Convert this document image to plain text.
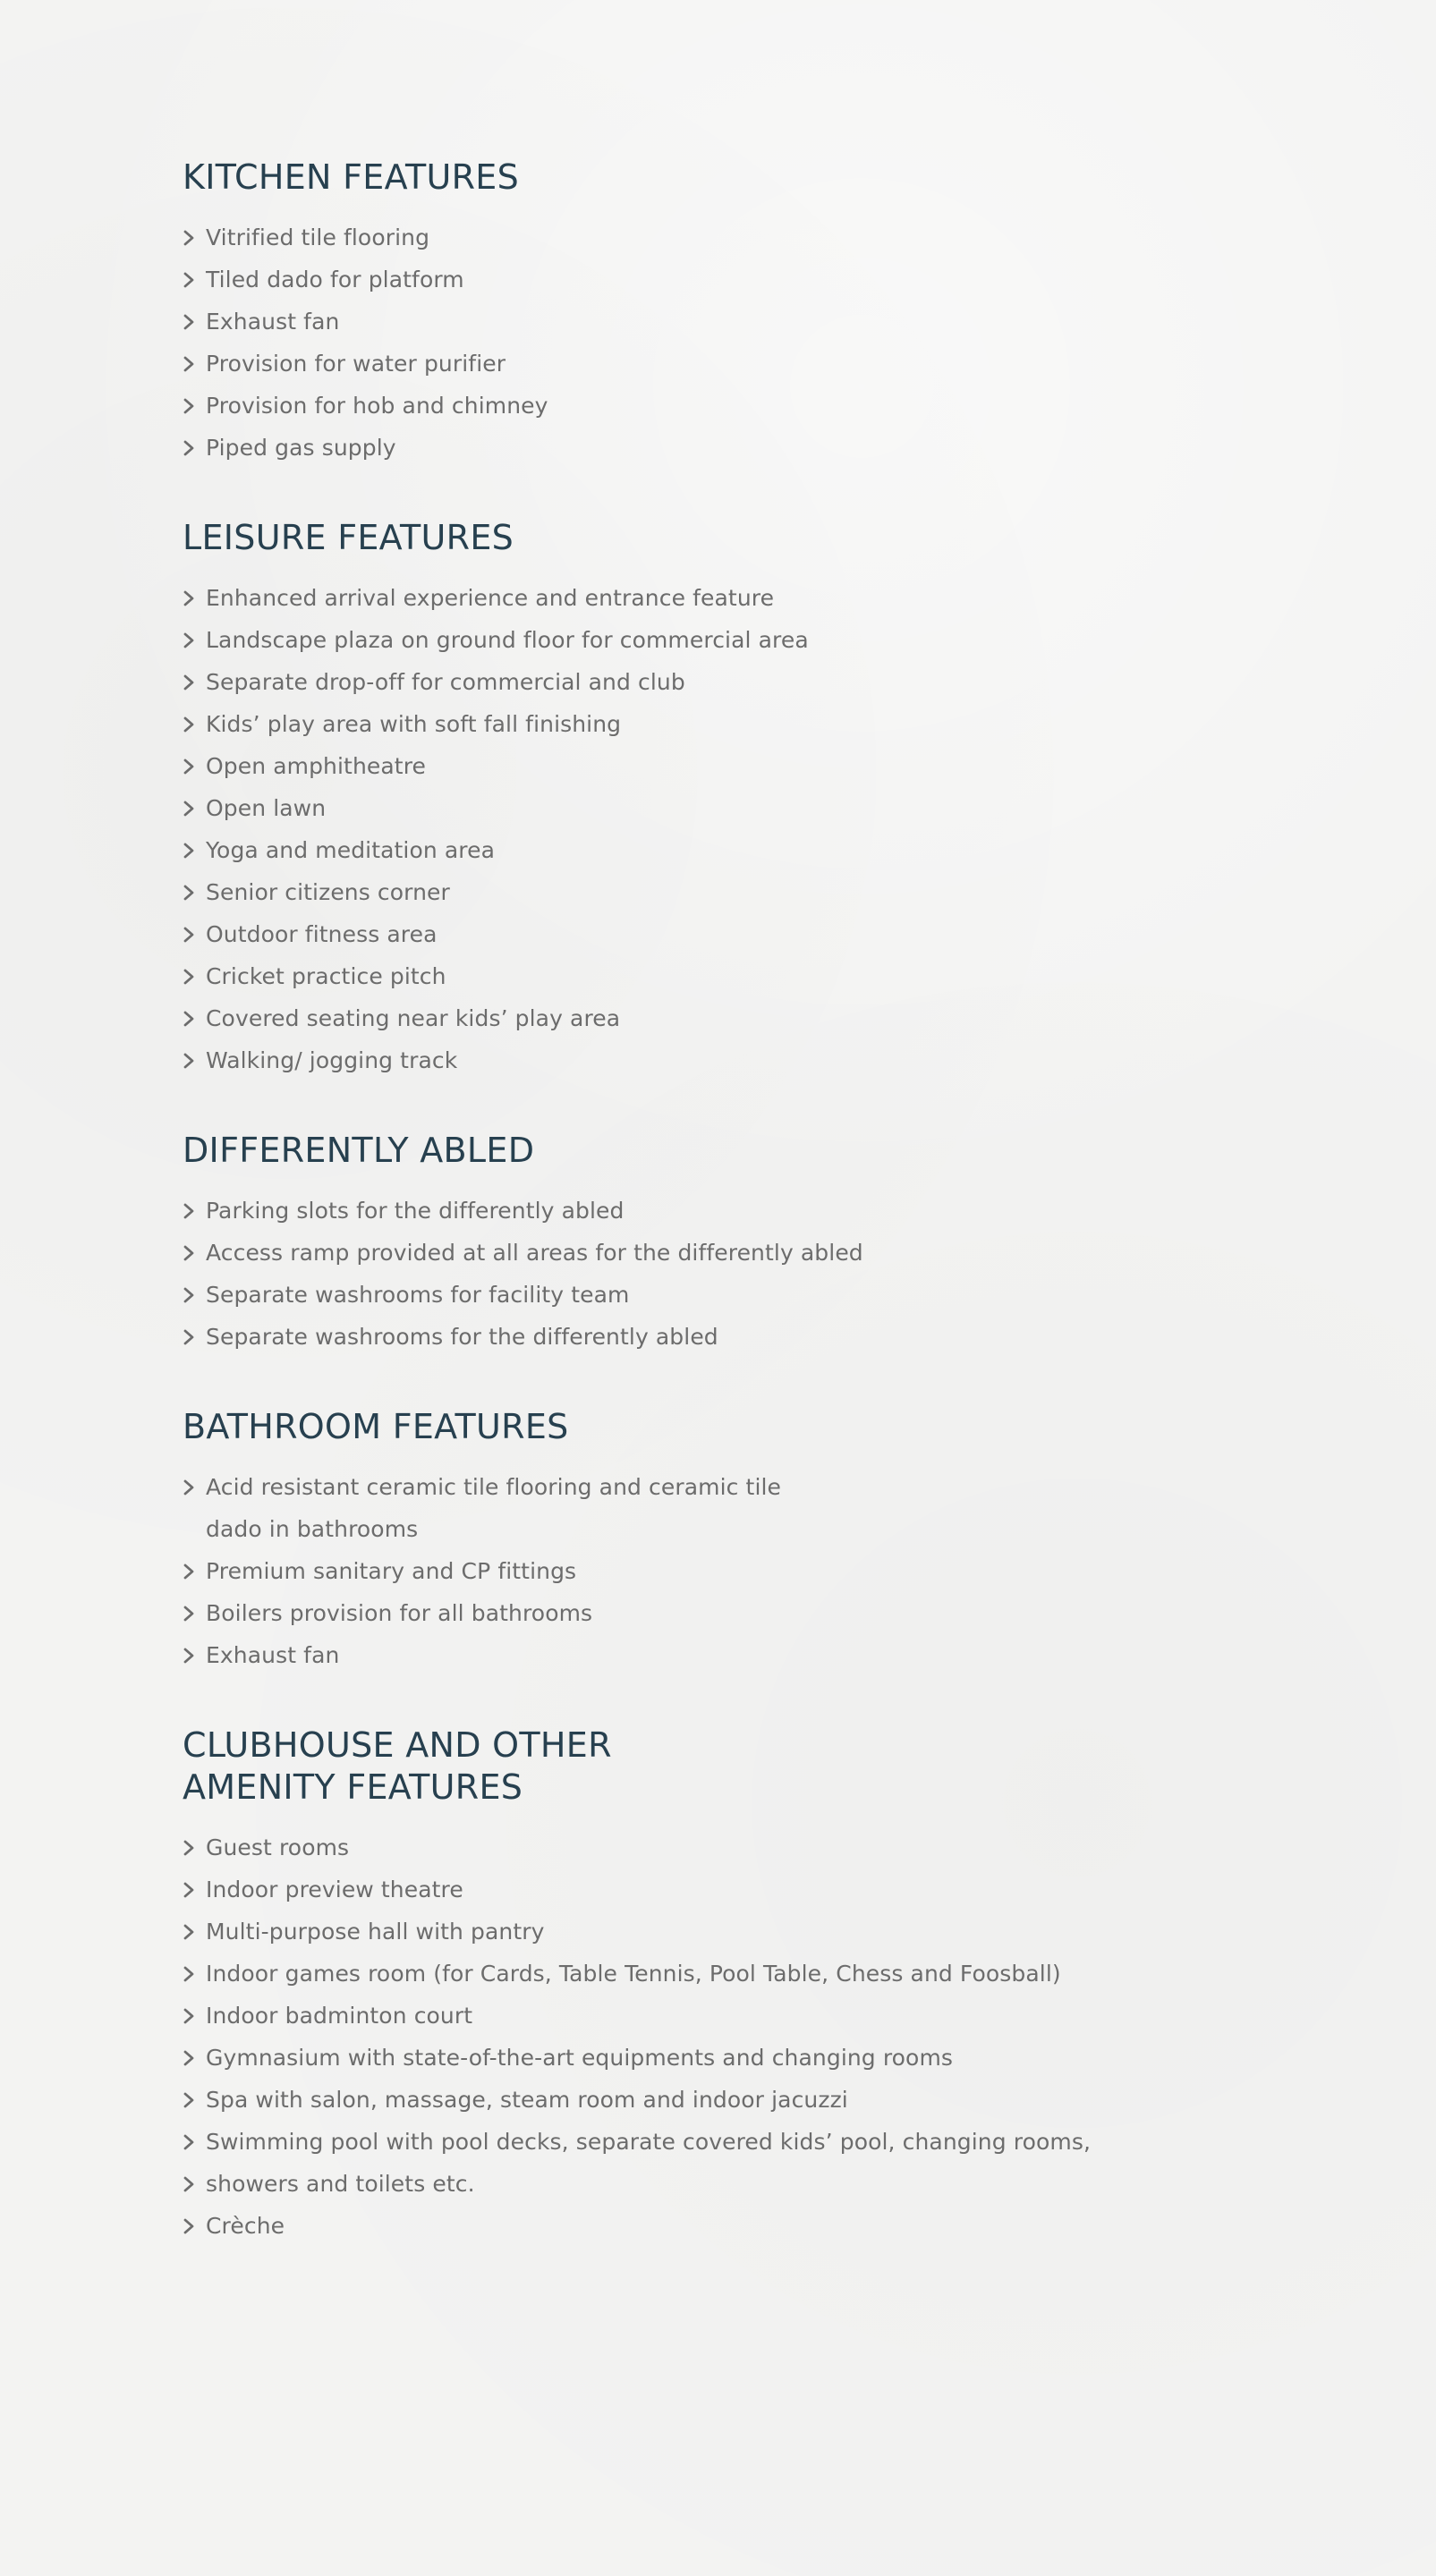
KITCHEN FEATURES
Vitrified tile flooring
Tiled dado for platform
Exhaust fan
Provision for water purifier
Provision for hob and chimney
Piped gas supply
LEISURE FEATURES
Enhanced arrival experience and entrance feature
Landscape plaza on ground floor for commercial area
Separate drop-off for commercial and club
Kids’ play area with soft fall finishing
Open amphitheatre
Open lawn
Yoga and meditation area
Senior citizens corner
Outdoor fitness area
Cricket practice pitch
Covered seating near kids’ play area
Walking/ jogging track
DIFFERENTLY ABLED
Parking slots for the differently abled
Access ramp provided at all areas for the differently abled
Separate washrooms for facility team
Separate washrooms for the differently abled
BATHROOM FEATURES
Acid resistant ceramic tile flooring and ceramic tile dado in bathrooms
Premium sanitary and CP fittings
Boilers provision for all bathrooms
Exhaust fan
CLUBHOUSE AND OTHER AMENITY FEATURES
Guest rooms
Indoor preview theatre
Multi-purpose hall with pantry
Indoor games room (for Cards, Table Tennis, Pool Table, Chess and Foosball)
Indoor badminton court
Gymnasium with state-of-the-art equipments and changing rooms
Spa with salon, massage, steam room and indoor jacuzzi
Swimming pool with pool decks, separate covered kids’ pool, changing rooms,
showers and toilets etc.
Crèche
